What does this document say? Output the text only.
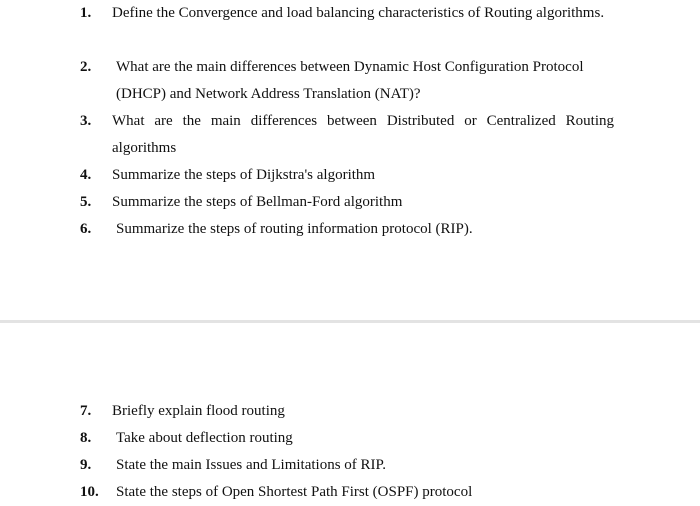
1. Define the Convergence and load balancing characteristics of Routing algorithms.
2. What are the main differences between Dynamic Host Configuration Protocol (DHCP) and Network Address Translation (NAT)?
3. What are the main differences between Distributed or Centralized Routing algorithms
4. Summarize the steps of Dijkstra's algorithm
5. Summarize the steps of Bellman-Ford algorithm
6. Summarize the steps of routing information protocol (RIP).
7. Briefly explain flood routing
8. Take about deflection routing
9. State the main Issues and Limitations of RIP.
10. State the steps of Open Shortest Path First (OSPF) protocol
